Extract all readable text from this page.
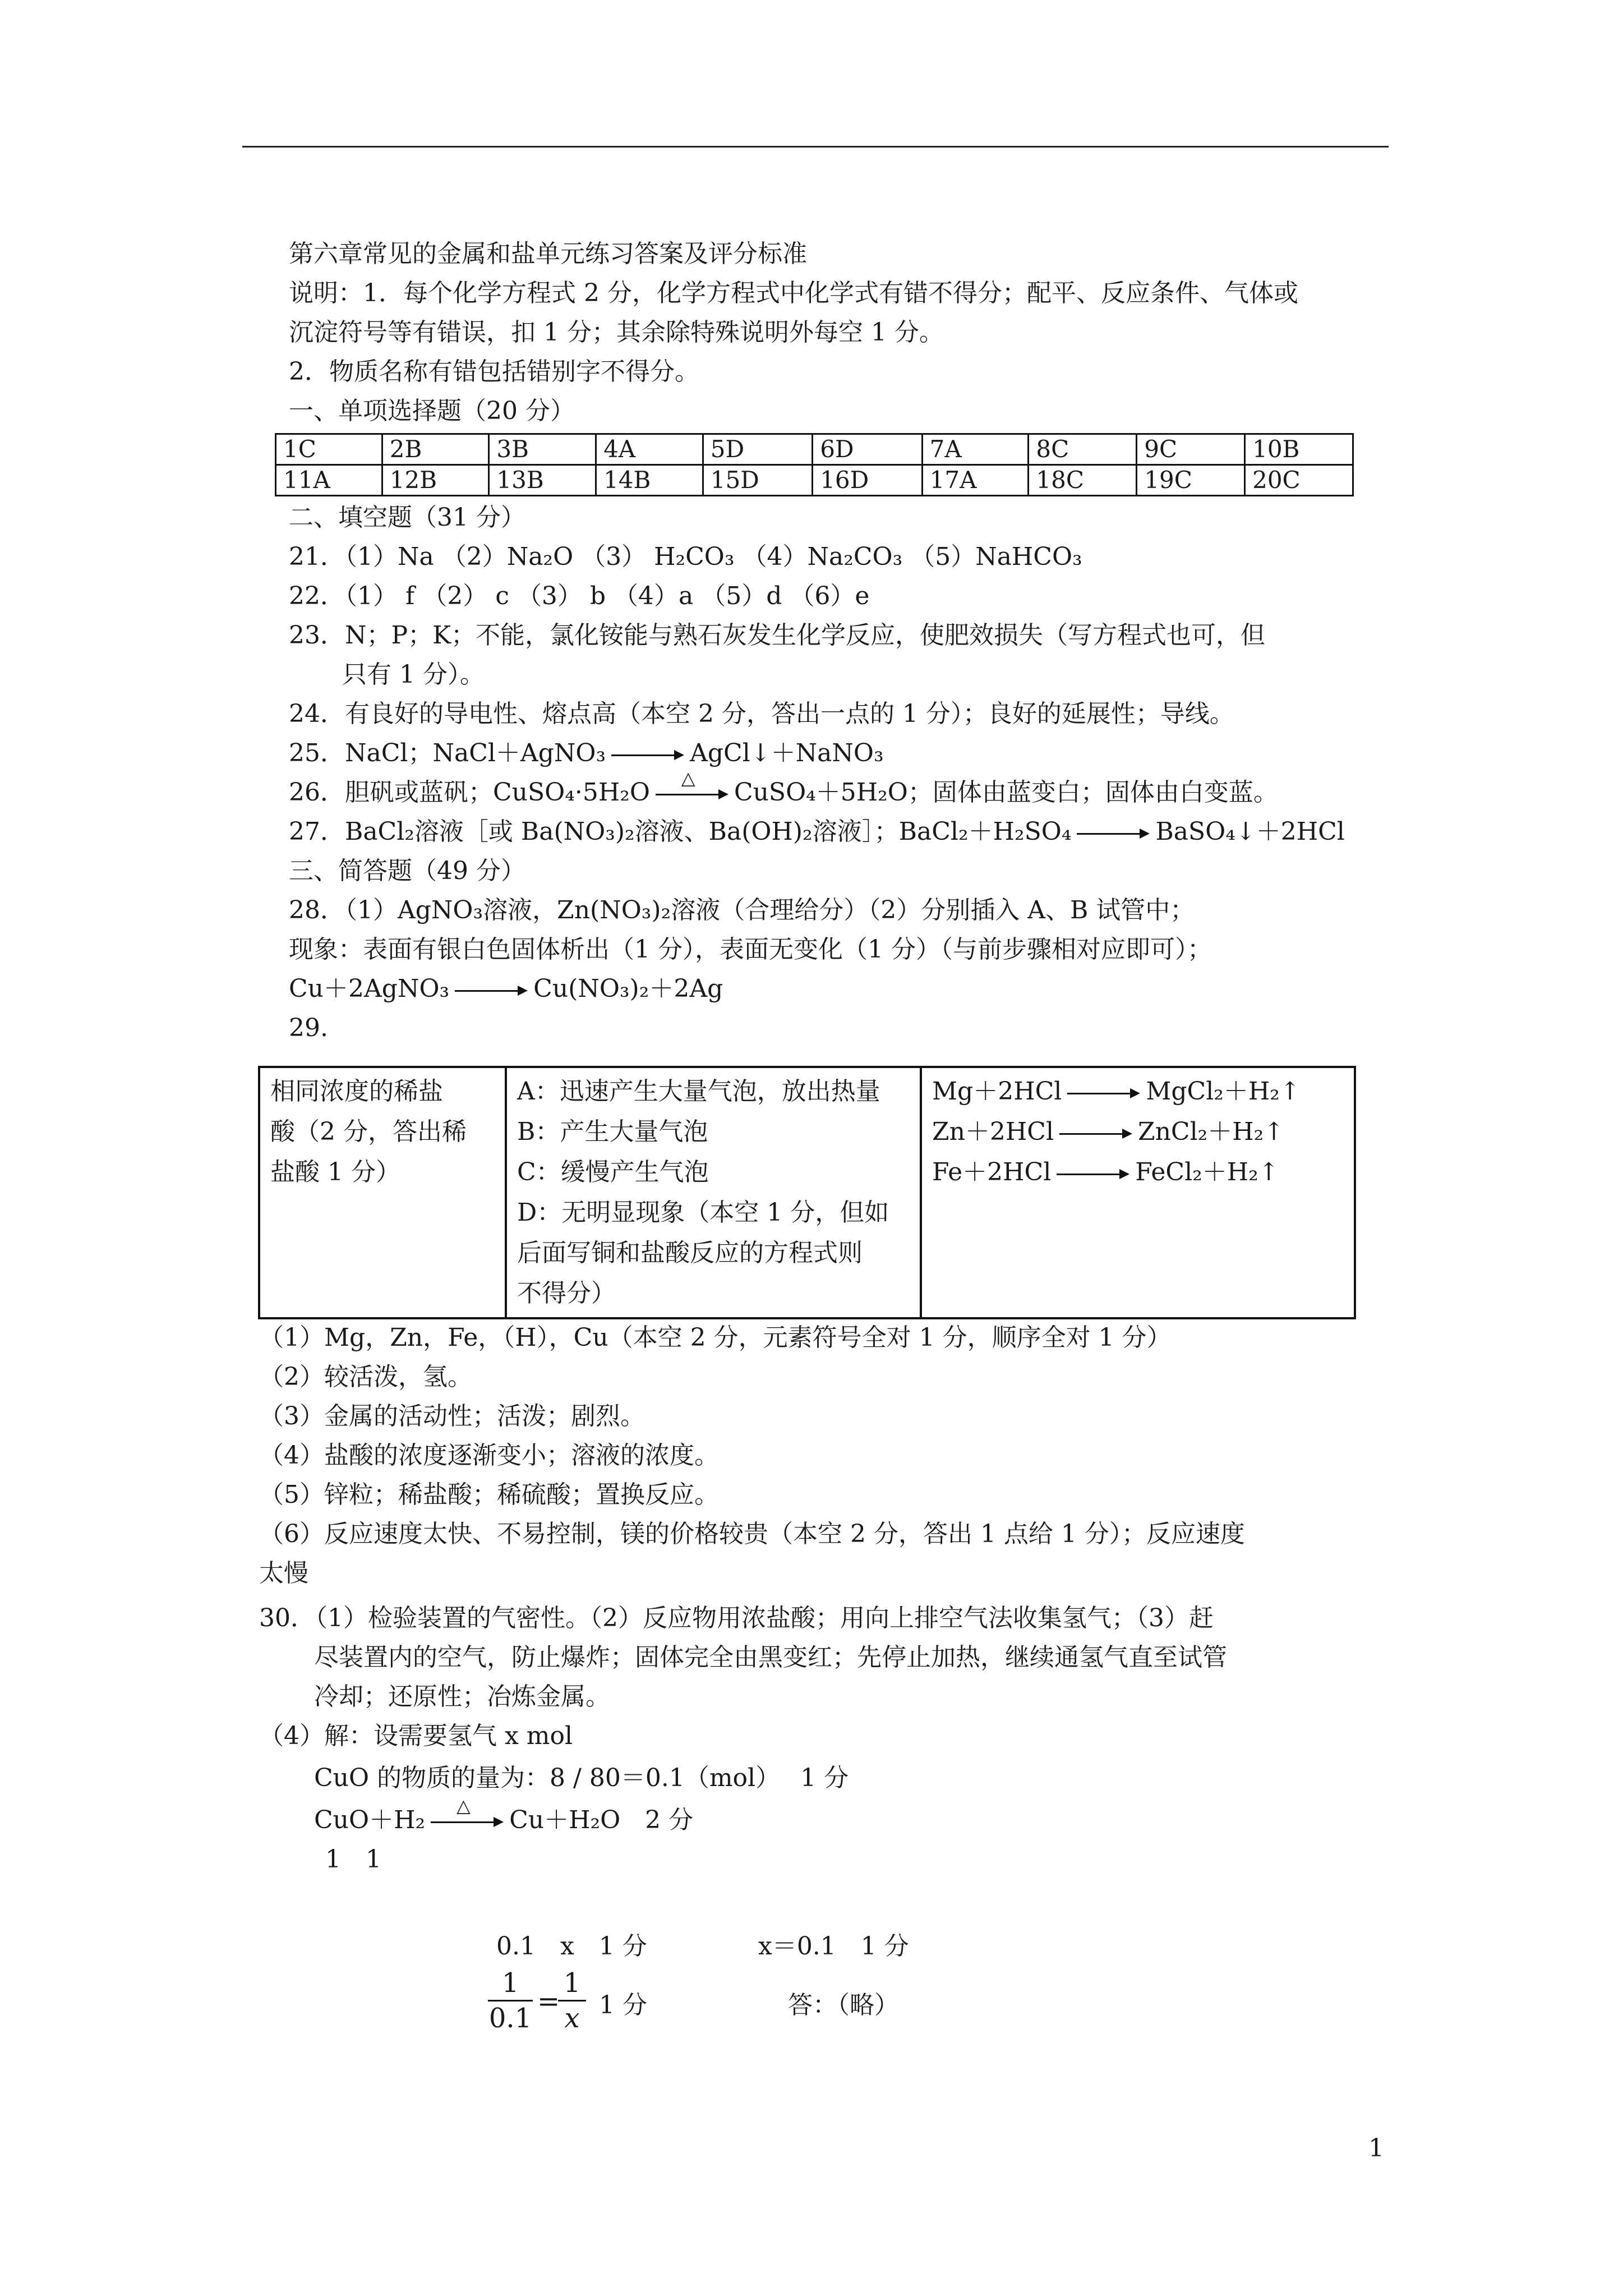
第六章常见的金属和盐单元练习答案及评分标准
说明：1．每个化学方程式 2 分，化学方程式中化学式有错不得分；配平、反应条件、气体或
沉淀符号等有错误，扣 1 分；其余除特殊说明外每空 1 分。
2．物质名称有错包括错别字不得分。
一、单项选择题（20 分）
1C	2B	3B	4A	5D	6D	7A	8C	9C	10B
11A	12B	13B	14B	15D	16D	17A	18C	19C	20C
二、填空题（31 分）
21．（1）Na （2）Na₂O （3） H₂CO₃ （4）Na₂CO₃ （5）NaHCO₃
22．（1） f （2） c （3） b （4）a （5）d （6）e
23．N；P；K；不能，氯化铵能与熟石灰发生化学反应，使肥效损失（写方程式也可，但
只有 1 分）。
24．有良好的导电性、熔点高（本空 2 分，答出一点的 1 分）；良好的延展性；导线。
25．NaCl；NaCl＋AgNO₃	AgCl↓＋NaNO₃
26．胆矾或蓝矾；CuSO₄·5H₂O
△
CuSO₄＋5H₂O；固体由蓝变白；固体由白变蓝。
27．BaCl₂溶液［或 Ba(NO₃)₂溶液、Ba(OH)₂溶液］；BaCl₂＋H₂SO₄	BaSO₄↓＋2HCl
三、简答题（49 分）
28．（1）AgNO₃溶液，Zn(NO₃)₂溶液（合理给分）（2）分别插入 A、B 试管中；
现象：表面有银白色固体析出（1 分），表面无变化（1 分）（与前步骤相对应即可）；
Cu＋2AgNO₃	Cu(NO₃)₂＋2Ag
29.
相同浓度的稀盐
酸（2 分，答出稀
盐酸 1 分）

A：迅速产生大量气泡，放出热量
B：产生大量气泡
C：缓慢产生气泡
D：无明显现象（本空 1 分，但如
后面写铜和盐酸反应的方程式则
不得分）

Mg＋2HCl	MgCl₂＋H₂↑
Zn＋2HCl	ZnCl₂＋H₂↑
Fe＋2HCl	FeCl₂＋H₂↑
（1）Mg，Zn，Fe，（H），Cu（本空 2 分，元素符号全对 1 分，顺序全对 1 分）
（2）较活泼，氢。
（3）金属的活动性；活泼；剧烈。
（4）盐酸的浓度逐渐变小；溶液的浓度。
（5）锌粒；稀盐酸；稀硫酸；置换反应。
（6）反应速度太快、不易控制，镁的价格较贵（本空 2 分，答出 1 点给 1 分）；反应速度
太慢
30．（1）检验装置的气密性。（2）反应物用浓盐酸；用向上排空气法收集氢气；（3）赶
尽装置内的空气，防止爆炸；固体完全由黑变红；先停止加热，继续通氢气直至试管
冷却；还原性；冶炼金属。
（4）解：设需要氢气 x mol
CuO 的物质的量为：8 / 80＝0.1（mol）　 1 分
CuO＋H₂
△
Cu＋H₂O　2 分
1　1
0.1　x　1 分	x＝0.1　1 分
1
0.1
=
1
x 1 分	答：（略）
1
